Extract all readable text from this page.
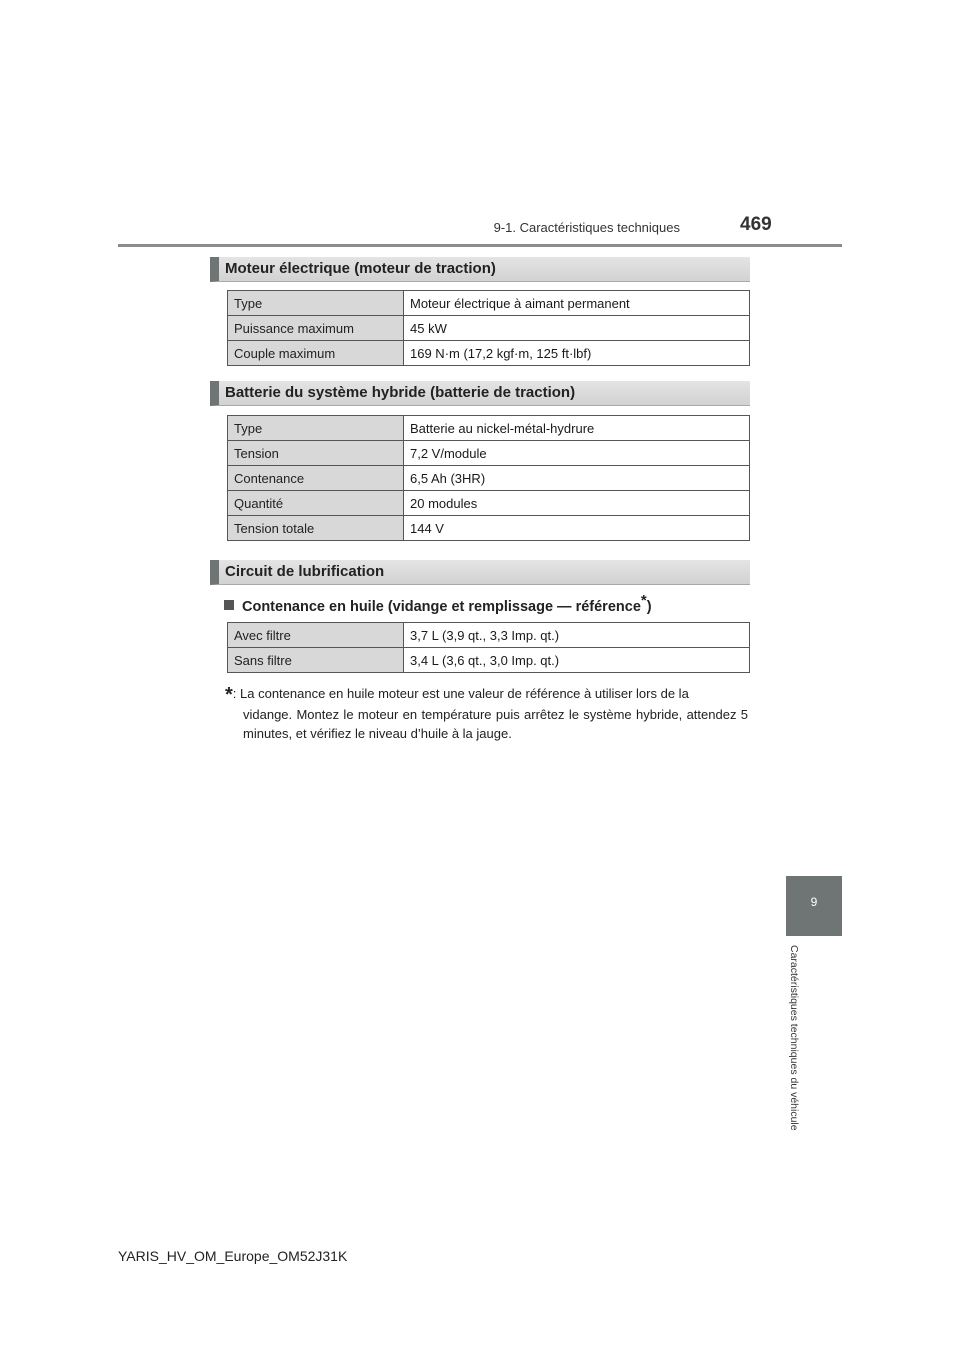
9-1. Caractéristiques techniques	469
Moteur électrique (moteur de traction)
Type	Moteur électrique à aimant permanent
Puissance maximum	45 kW
Couple maximum	169 N·m (17,2 kgf·m, 125 ft·lbf)
Batterie du système hybride (batterie de traction)
Type	Batterie au nickel-métal-hydrure
Tension	7,2 V/module
Contenance	6,5 Ah (3HR)
Quantité	20 modules
Tension totale	144 V
Circuit de lubrification
Contenance en huile (vidange et remplissage — référence*)
Avec filtre	3,7 L (3,9 qt., 3,3 Imp. qt.)
Sans filtre	3,4 L (3,6 qt., 3,0 Imp. qt.)
*: La contenance en huile moteur est une valeur de référence à utiliser lors de la
vidange. Montez le moteur en température puis arrêtez le système hybride, attendez 5 minutes, et vérifiez le niveau d’huile à la jauge.
9
Caractéristiques techniques du véhicule
YARIS_HV_OM_Europe_OM52J31K
